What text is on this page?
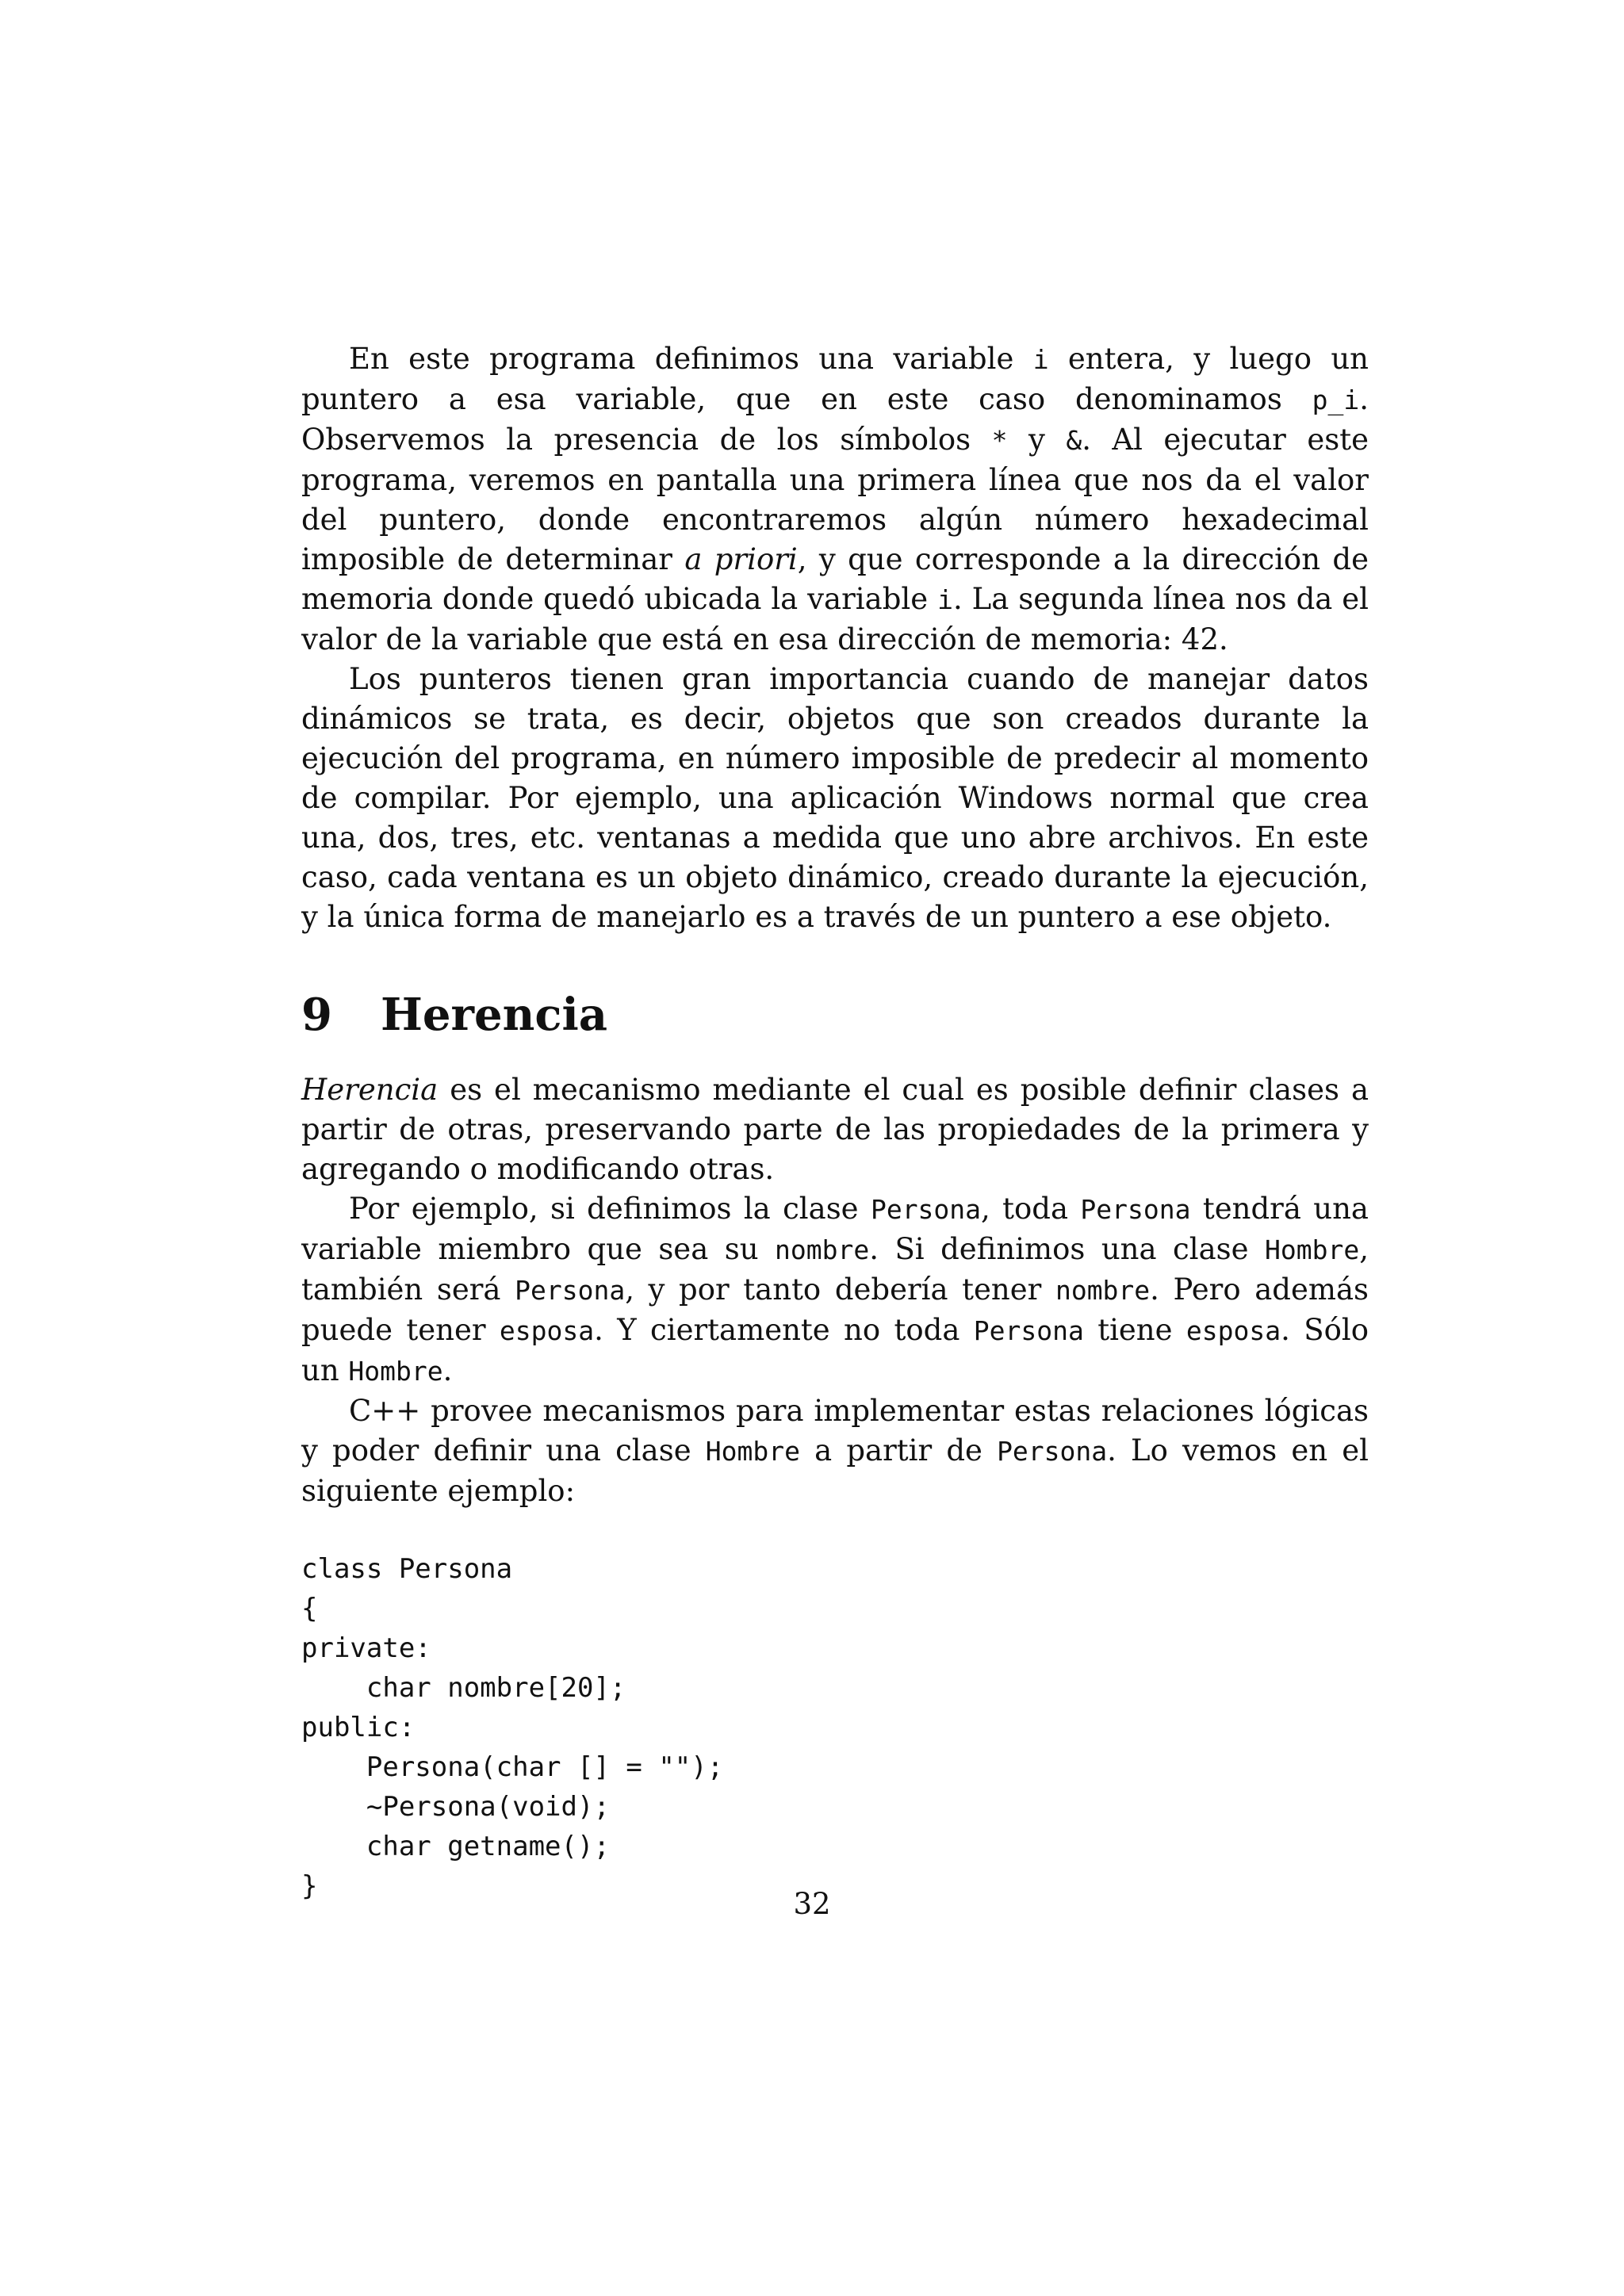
En este programa definimos una variable i entera, y luego un puntero a esa variable, que en este caso denominamos p_i. Observemos la presencia de los símbolos * y &. Al ejecutar este programa, veremos en pantalla una primera línea que nos da el valor del puntero, donde encontraremos algún número hexadecimal imposible de determinar a priori, y que corresponde a la dirección de memoria donde quedó ubicada la variable i. La segunda línea nos da el valor de la variable que está en esa dirección de memoria: 42.

Los punteros tienen gran importancia cuando de manejar datos dinámicos se trata, es decir, objetos que son creados durante la ejecución del programa, en número imposible de predecir al momento de compilar. Por ejemplo, una aplicación Windows normal que crea una, dos, tres, etc. ventanas a medida que uno abre archivos. En este caso, cada ventana es un objeto dinámico, creado durante la ejecución, y la única forma de manejarlo es a través de un puntero a ese objeto.

9	Herencia

Herencia es el mecanismo mediante el cual es posible definir clases a partir de otras, preservando parte de las propiedades de la primera y agregando o modificando otras.

Por ejemplo, si definimos la clase Persona, toda Persona tendrá una variable miembro que sea su nombre. Si definimos una clase Hombre, también será Persona, y por tanto debería tener nombre. Pero además puede tener esposa. Y ciertamente no toda Persona tiene esposa. Sólo un Hombre.

C++ provee mecanismos para implementar estas relaciones lógicas y poder definir una clase Hombre a partir de Persona. Lo vemos en el siguiente ejemplo:

class Persona
{
private:
char nombre[20];
public:
Persona(char [] = "");
~Persona(void);
char getname();
}
32
